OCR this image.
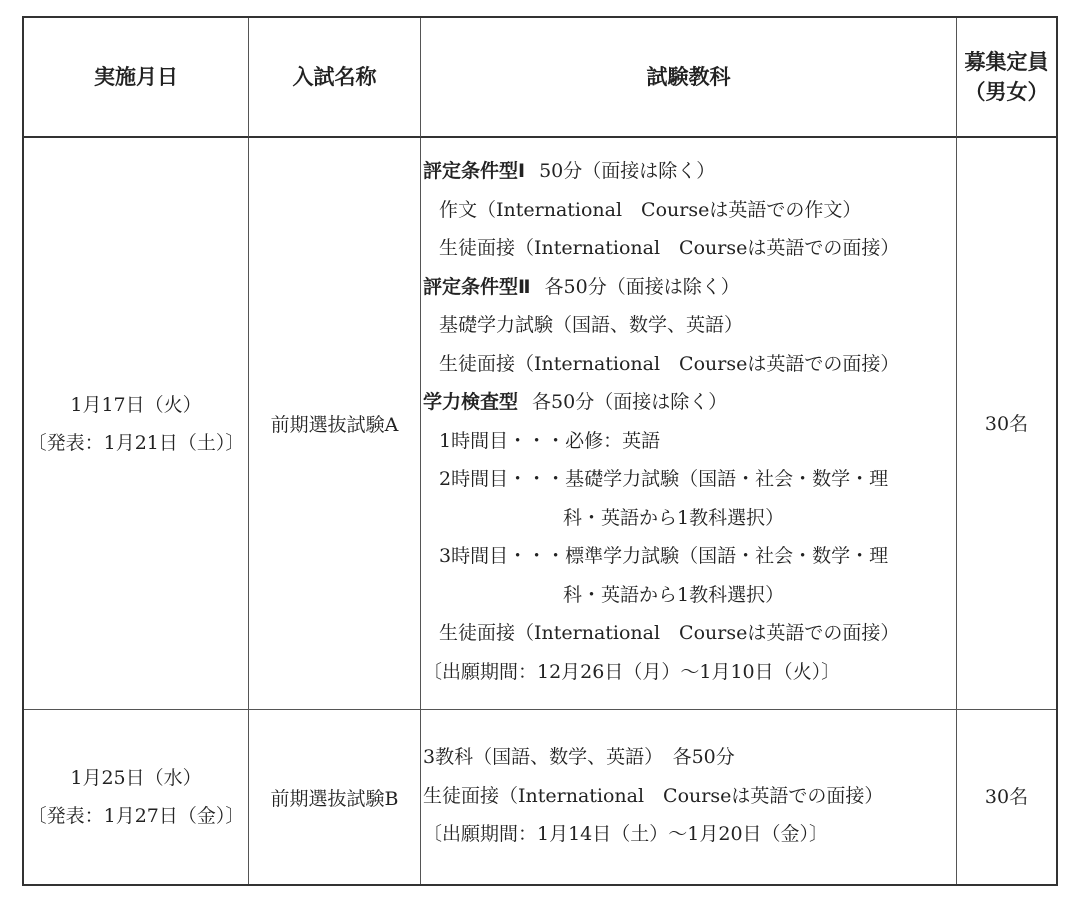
実施月日	入試名称	試験教科
募集定員
（男女）
1月17日（火）
〔発表：1月21日（土）〕
前期選抜試験A
評定条件型Ⅰ 50分（面接は除く）
作文（International　Courseは英語での作文）
生徒面接（International　Courseは英語での面接）
評定条件型Ⅱ 各50分（面接は除く）
基礎学力試験（国語、数学、英語）
生徒面接（International　Courseは英語での面接）
学力検査型 各50分（面接は除く）
1時間目・・・必修：英語
2時間目・・・基礎学力試験（国語・社会・数学・理
科・英語から1教科選択）
3時間目・・・標準学力試験（国語・社会・数学・理
科・英語から1教科選択）
生徒面接（International　Courseは英語での面接）
〔出願期間：12月26日（月）～1月10日（火）〕
30名
1月25日（水）
〔発表：1月27日（金）〕
前期選抜試験B
3教科（国語、数学、英語）　各50分
生徒面接（International　Courseは英語での面接）
〔出願期間：1月14日（土）～1月20日（金）〕
30名
